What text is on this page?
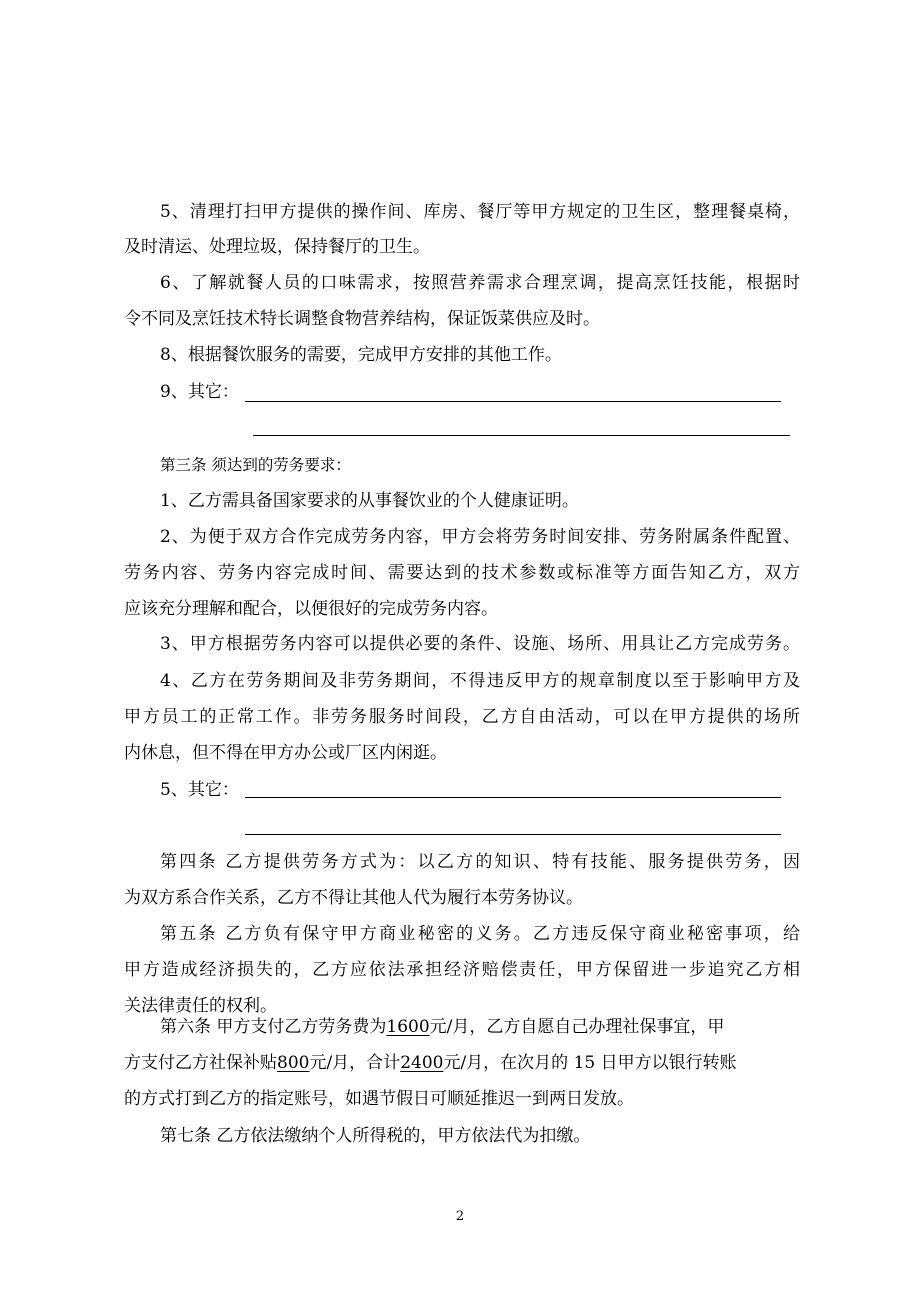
5、清理打扫甲方提供的操作间、库房、餐厅等甲方规定的卫生区，整理餐桌椅，
及时清运、处理垃圾，保持餐厅的卫生。
6、了解就餐人员的口味需求，按照营养需求合理烹调，提高烹饪技能，根据时
令不同及烹饪技术特长调整食物营养结构，保证饭菜供应及时。
8、根据餐饮服务的需要，完成甲方安排的其他工作。
9、其它：
第三条 须达到的劳务要求：
1、乙方需具备国家要求的从事餐饮业的个人健康证明。
2、为便于双方合作完成劳务内容，甲方会将劳务时间安排、劳务附属条件配置、
劳务内容、劳务内容完成时间、需要达到的技术参数或标准等方面告知乙方，双方
应该充分理解和配合，以便很好的完成劳务内容。
3、甲方根据劳务内容可以提供必要的条件、设施、场所、用具让乙方完成劳务。
4、乙方在劳务期间及非劳务期间，不得违反甲方的规章制度以至于影响甲方及
甲方员工的正常工作。非劳务服务时间段，乙方自由活动，可以在甲方提供的场所
内休息，但不得在甲方办公或厂区内闲逛。
5、其它：
第四条 乙方提供劳务方式为：以乙方的知识、特有技能、服务提供劳务，因
为双方系合作关系，乙方不得让其他人代为履行本劳务协议。
第五条 乙方负有保守甲方商业秘密的义务。乙方违反保守商业秘密事项，给
甲方造成经济损失的，乙方应依法承担经济赔偿责任，甲方保留进一步追究乙方相
关法律责任的权利。
第六条 甲方支付乙方劳务费为1600元/月，乙方自愿自己办理社保事宜，甲
方支付乙方社保补贴800元/月，合计2400元/月，在次月的 15 日甲方以银行转账
的方式打到乙方的指定账号，如遇节假日可顺延推迟一到两日发放。
第七条 乙方依法缴纳个人所得税的，甲方依法代为扣缴。
2
